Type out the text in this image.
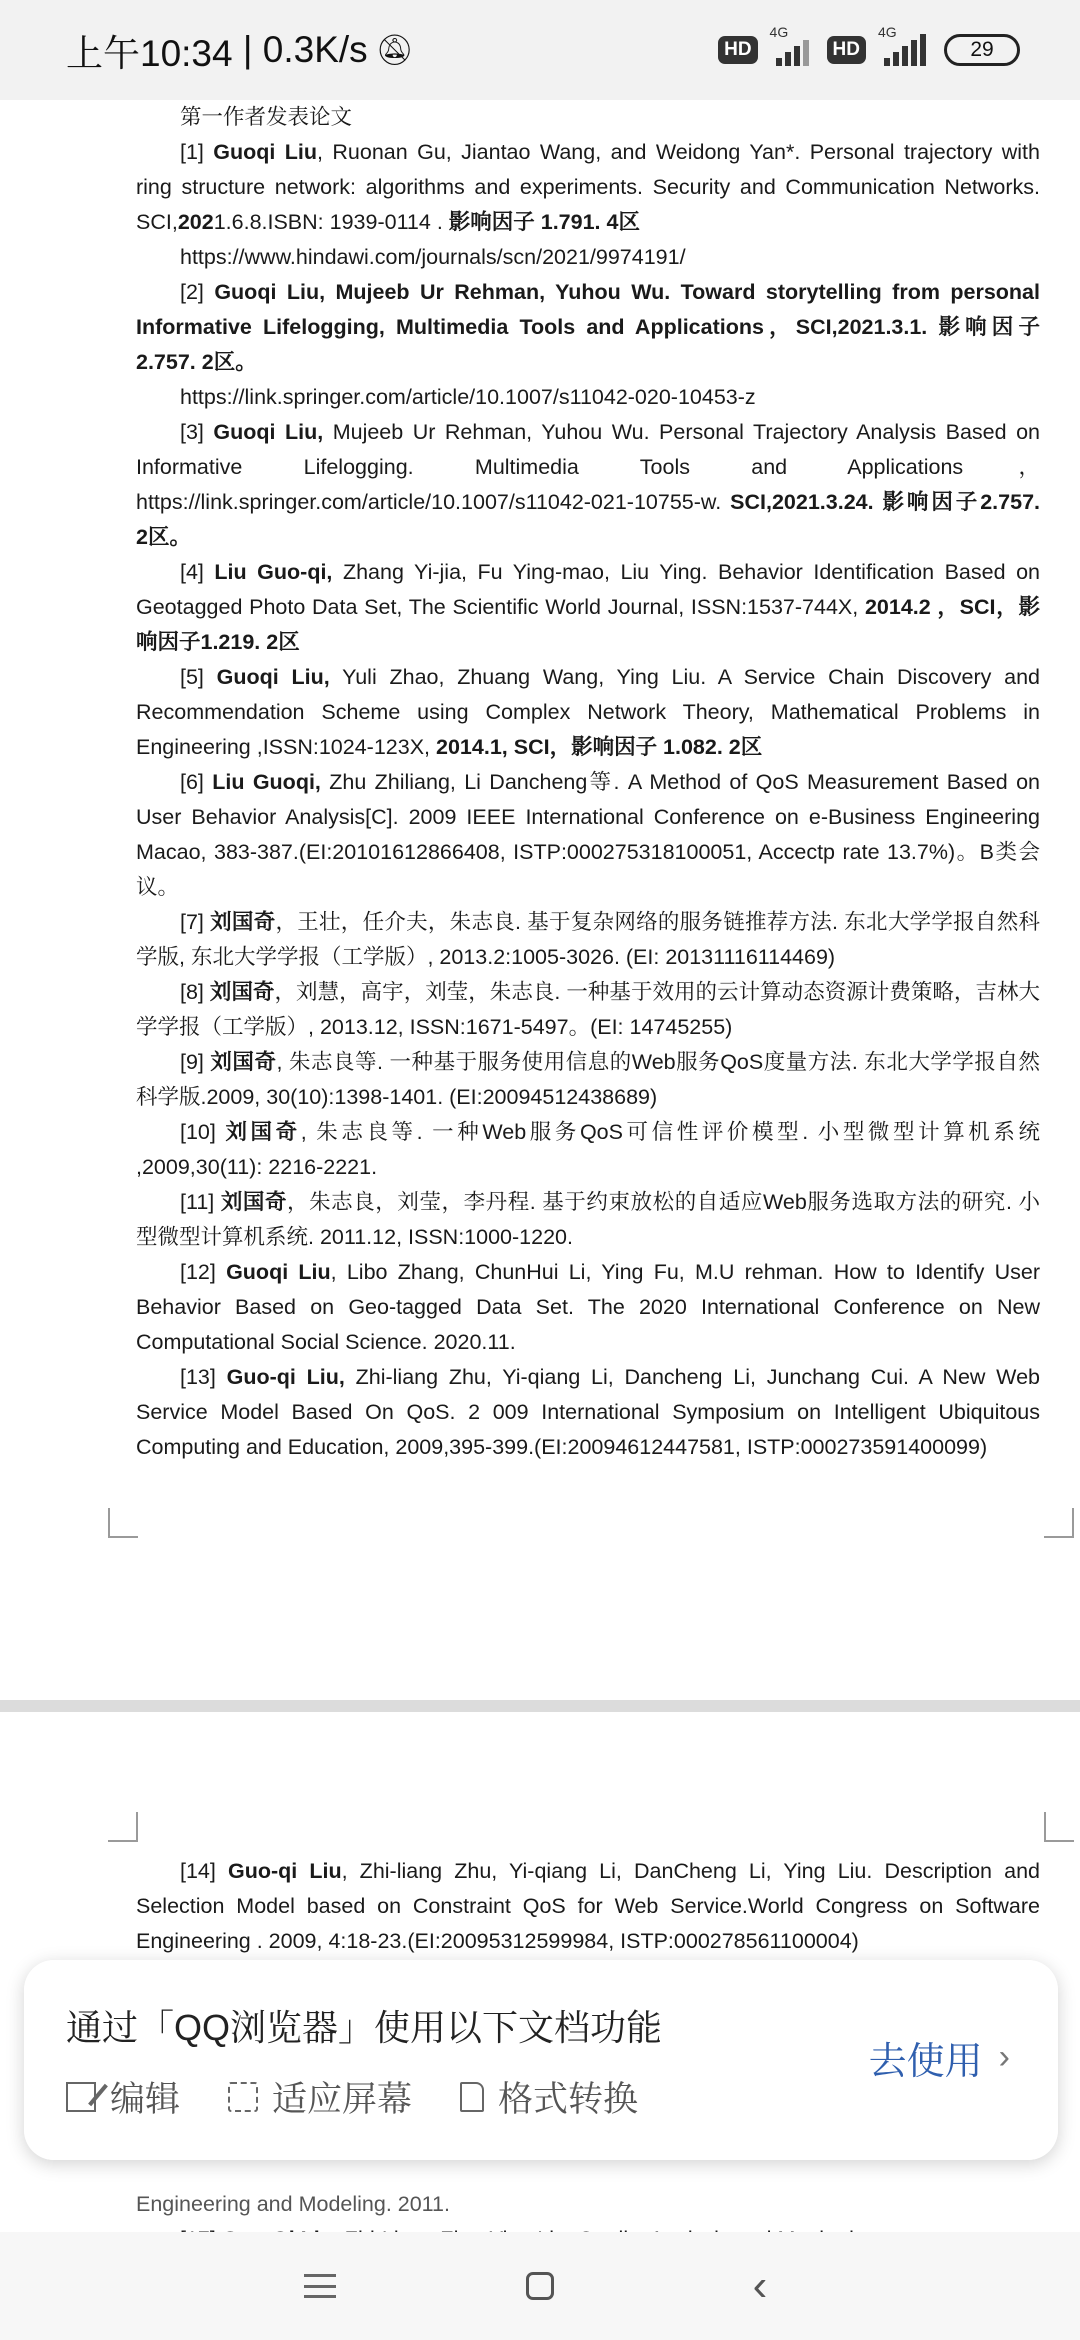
上午10:34 | 0.3K/s 🔕︎	HD
4G
HD
4G
29

第一作者发表论文

[1] Guoqi Liu, Ruonan Gu, Jiantao Wang, and Weidong Yan*. Personal trajectory with ring structure network: algorithms and experiments. Security and Communication Networks. SCI,2021.6.8.ISBN: 1939-0114 . 影响因子 1.791. 4区

https://www.hindawi.com/journals/scn/2021/9974191/

[2] Guoqi Liu, Mujeeb Ur Rehman, Yuhou Wu. Toward storytelling from personal Informative Lifelogging, Multimedia Tools and Applications，SCI,2021.3.1. 影响因子2.757. 2区。

https://link.springer.com/article/10.1007/s11042-020-10453-z

[3] Guoqi Liu, Mujeeb Ur Rehman, Yuhou Wu. Personal Trajectory Analysis Based on Informative Lifelogging. Multimedia Tools and Applications，https://link.springer.com/article/10.1007/s11042-021-10755-w. SCI,2021.3.24. 影响因子2.757. 2区。

[4] Liu Guo-qi, Zhang Yi-jia, Fu Ying-mao, Liu Ying. Behavior Identification Based on Geotagged Photo Data Set, The Scientific World Journal, ISSN:1537-744X, 2014.2 ，SCI，影响因子1.219. 2区

[5] Guoqi Liu, Yuli Zhao, Zhuang Wang, Ying Liu. A Service Chain Discovery and Recommendation Scheme using Complex Network Theory, Mathematical Problems in Engineering ,ISSN:1024-123X, 2014.1, SCI，影响因子 1.082. 2区

[6] Liu Guoqi, Zhu Zhiliang, Li Dancheng等. A Method of QoS Measurement Based on User Behavior Analysis[C]. 2009 IEEE International Conference on e-Business Engineering Macao, 383-387.(EI:20101612866408, ISTP:000275318100051, Accectp rate 13.7%)。B类会议。

[7] 刘国奇，王壮，任介夫，朱志良. 基于复杂网络的服务链推荐方法. 东北大学学报自然科学版, 东北大学学报（工学版）, 2013.2:1005-3026. (EI: 20131116114469)

[8] 刘国奇，刘慧，高宇，刘莹，朱志良. 一种基于效用的云计算动态资源计费策略，吉林大学学报（工学版）, 2013.12, ISSN:1671-5497。(EI: 14745255)

[9] 刘国奇, 朱志良等. 一种基于服务使用信息的Web服务QoS度量方法. 东北大学学报自然科学版.2009, 30(10):1398-1401. (EI:20094512438689)

[10] 刘国奇, 朱志良等. 一种Web服务QoS可信性评价模型. 小型微型计算机系统 ,2009,30(11): 2216-2221.

[11] 刘国奇，朱志良，刘莹，李丹程. 基于约束放松的自适应Web服务选取方法的研究. 小型微型计算机系统. 2011.12, ISSN:1000-1220.

[12] Guoqi Liu, Libo Zhang, ChunHui Li, Ying Fu, M.U rehman. How to Identify User Behavior Based on Geo-tagged Data Set. The 2020 International Conference on New Computational Social Science. 2020.11.

[13] Guo-qi Liu, Zhi-liang Zhu, Yi-qiang Li, Dancheng Li, Junchang Cui. A New Web Service Model Based On QoS. 2 009 International Symposium on Intelligent Ubiquitous Computing and Education, 2009,395-399.(EI:20094612447581, ISTP:000273591400099)

[14] Guo-qi Liu, Zhi-liang Zhu, Yi-qiang Li, DanCheng Li, Ying Liu. Description and Selection Model based on Constraint QoS for Web Service.World Congress on Software Engineering . 2009, 4:18-23.(EI:20095312599984, ISTP:000278561100004)

Engineering and Modeling. 2011.

通过「QQ浏览器」使用以下文档功能
编辑	适应屏幕 格式转换
去使用 ›
‹
